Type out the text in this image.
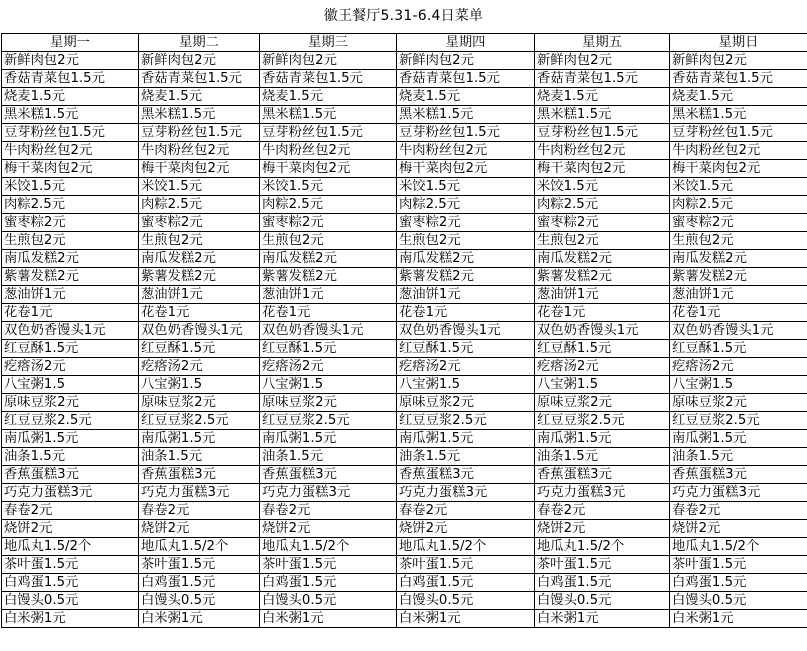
徽王餐厅5.31-6.4日菜单
星期一	星期二	星期三	星期四	星期五	星期日
新鲜肉包2元	新鲜肉包2元	新鲜肉包2元	新鲜肉包2元	新鲜肉包2元	新鲜肉包2元
香菇青菜包1.5元	香菇青菜包1.5元	香菇青菜包1.5元	香菇青菜包1.5元	香菇青菜包1.5元	香菇青菜包1.5元
烧麦1.5元	烧麦1.5元	烧麦1.5元	烧麦1.5元	烧麦1.5元	烧麦1.5元
黑米糕1.5元	黑米糕1.5元	黑米糕1.5元	黑米糕1.5元	黑米糕1.5元	黑米糕1.5元
豆芽粉丝包1.5元	豆芽粉丝包1.5元	豆芽粉丝包1.5元	豆芽粉丝包1.5元	豆芽粉丝包1.5元	豆芽粉丝包1.5元
牛肉粉丝包2元	牛肉粉丝包2元	牛肉粉丝包2元	牛肉粉丝包2元	牛肉粉丝包2元	牛肉粉丝包2元
梅干菜肉包2元	梅干菜肉包2元	梅干菜肉包2元	梅干菜肉包2元	梅干菜肉包2元	梅干菜肉包2元
米饺1.5元	米饺1.5元	米饺1.5元	米饺1.5元	米饺1.5元	米饺1.5元
肉粽2.5元	肉粽2.5元	肉粽2.5元	肉粽2.5元	肉粽2.5元	肉粽2.5元
蜜枣粽2元	蜜枣粽2元	蜜枣粽2元	蜜枣粽2元	蜜枣粽2元	蜜枣粽2元
生煎包2元	生煎包2元	生煎包2元	生煎包2元	生煎包2元	生煎包2元
南瓜发糕2元	南瓜发糕2元	南瓜发糕2元	南瓜发糕2元	南瓜发糕2元	南瓜发糕2元
紫薯发糕2元	紫薯发糕2元	紫薯发糕2元	紫薯发糕2元	紫薯发糕2元	紫薯发糕2元
葱油饼1元	葱油饼1元	葱油饼1元	葱油饼1元	葱油饼1元	葱油饼1元
花卷1元	花卷1元	花卷1元	花卷1元	花卷1元	花卷1元
双色奶香馒头1元	双色奶香馒头1元	双色奶香馒头1元	双色奶香馒头1元	双色奶香馒头1元	双色奶香馒头1元
红豆酥1.5元	红豆酥1.5元	红豆酥1.5元	红豆酥1.5元	红豆酥1.5元	红豆酥1.5元
疙瘩汤2元	疙瘩汤2元	疙瘩汤2元	疙瘩汤2元	疙瘩汤2元	疙瘩汤2元
八宝粥1.5	八宝粥1.5	八宝粥1.5	八宝粥1.5	八宝粥1.5	八宝粥1.5
原味豆浆2元	原味豆浆2元	原味豆浆2元	原味豆浆2元	原味豆浆2元	原味豆浆2元
红豆豆浆2.5元	红豆豆浆2.5元	红豆豆浆2.5元	红豆豆浆2.5元	红豆豆浆2.5元	红豆豆浆2.5元
南瓜粥1.5元	南瓜粥1.5元	南瓜粥1.5元	南瓜粥1.5元	南瓜粥1.5元	南瓜粥1.5元
油条1.5元	油条1.5元	油条1.5元	油条1.5元	油条1.5元	油条1.5元
香蕉蛋糕3元	香蕉蛋糕3元	香蕉蛋糕3元	香蕉蛋糕3元	香蕉蛋糕3元	香蕉蛋糕3元
巧克力蛋糕3元	巧克力蛋糕3元	巧克力蛋糕3元	巧克力蛋糕3元	巧克力蛋糕3元	巧克力蛋糕3元
春卷2元	春卷2元	春卷2元	春卷2元	春卷2元	春卷2元
烧饼2元	烧饼2元	烧饼2元	烧饼2元	烧饼2元	烧饼2元
地瓜丸1.5/2个	地瓜丸1.5/2个	地瓜丸1.5/2个	地瓜丸1.5/2个	地瓜丸1.5/2个	地瓜丸1.5/2个
茶叶蛋1.5元	茶叶蛋1.5元	茶叶蛋1.5元	茶叶蛋1.5元	茶叶蛋1.5元	茶叶蛋1.5元
白鸡蛋1.5元	白鸡蛋1.5元	白鸡蛋1.5元	白鸡蛋1.5元	白鸡蛋1.5元	白鸡蛋1.5元
白馒头0.5元	白馒头0.5元	白馒头0.5元	白馒头0.5元	白馒头0.5元	白馒头0.5元
白米粥1元	白米粥1元	白米粥1元	白米粥1元	白米粥1元	白米粥1元
